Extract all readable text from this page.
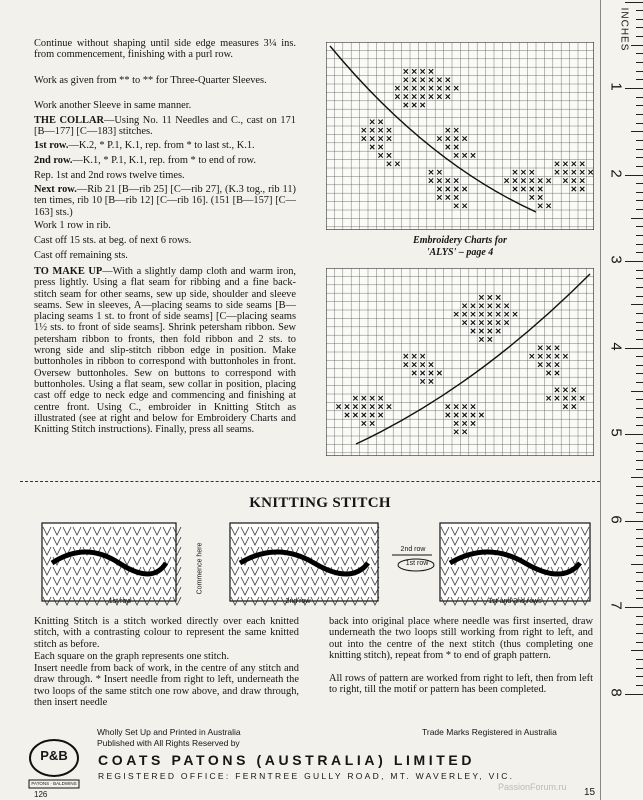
Continue without shaping until side edge measures 3¼ ins. from commencement, finishing with a purl row.

Work as given from ** to ** for Three-Quarter Sleeves.

Work another Sleeve in same manner.

THE COLLAR—Using No. 11 Needles and C., cast on 171 [B—177] [C—183] stitches.

1st row.—K.2, * P.1, K.1, rep. from * to last st., K.1.

2nd row.—K.1, * P.1, K.1, rep. from * to end of row.

Rep. 1st and 2nd rows twelve times.

Next row.—Rib 21 [B—rib 25] [C—rib 27], (K.3 tog., rib 11) ten times, rib 10 [B—rib 12] [C—rib 16]. (151 [B—157] [C—163] sts.)

Work 1 row in rib.

Cast off 15 sts. at beg. of next 6 rows.

Cast off remaining sts.

TO MAKE UP—With a slightly damp cloth and warm iron, press lightly. Using a flat seam for ribbing and a fine back-stitch seam for other seams, sew up side, shoulder and sleeve seams. Sew in sleeves, A—placing seams to side seams [B—placing seams 1 st. to front of side seams] [C—placing seams 1½ sts. to front of side seams]. Shrink petersham ribbon. Sew petersham ribbon to fronts, then fold ribbon and 2 sts. to wrong side and slip-stitch ribbon edge in position. Make buttonholes in ribbon to correspond with buttonholes in front. Oversew buttonholes. Sew on buttons to correspond with buttonholes. Using a flat seam, sew collar in position, placing cast off edge to neck edge and commencing and finishing at centre front. Using C., embroider in Knitting Stitch as illustrated (see at right and below for Embroidery Charts and Knitting Stitch instructions). Finally, press all seams.

Embroidery Charts for
'ALYS' – page 4
KNITTING STITCH
1st row
Commence here
2nd row
2nd row
1st row
1st and 2nd rows

Knitting Stitch is a stitch worked directly over each knitted stitch, with a contrasting colour to represent the same knitted stitch as before.

Each square on the graph represents one stitch.

Insert needle from back of work, in the centre of any stitch and draw through. * Insert needle from right to left, underneath the two loops of the same stitch one row above, and draw through, then insert needle

back into original place where needle was first inserted, draw underneath the two loops still working from right to left, and out into the centre of the next stitch (thus completing one knitting stitch), repeat from * to end of graph pattern.

All rows of pattern are worked from right to left, then from left to right, till the motif or pattern has been completed.

Wholly Set Up and Printed in Australia
Published with All Rights Reserved by
Trade Marks Registered in Australia
P&B
PATONS · BALDWINS
COATS PATONS (AUSTRALIA) LIMITED
REGISTERED OFFICE: FERNTREE GULLY ROAD, MT. WAVERLEY, VIC.
126
INCHES
1
2
3
4
5
6
7
8
PassionForum.ru 15
